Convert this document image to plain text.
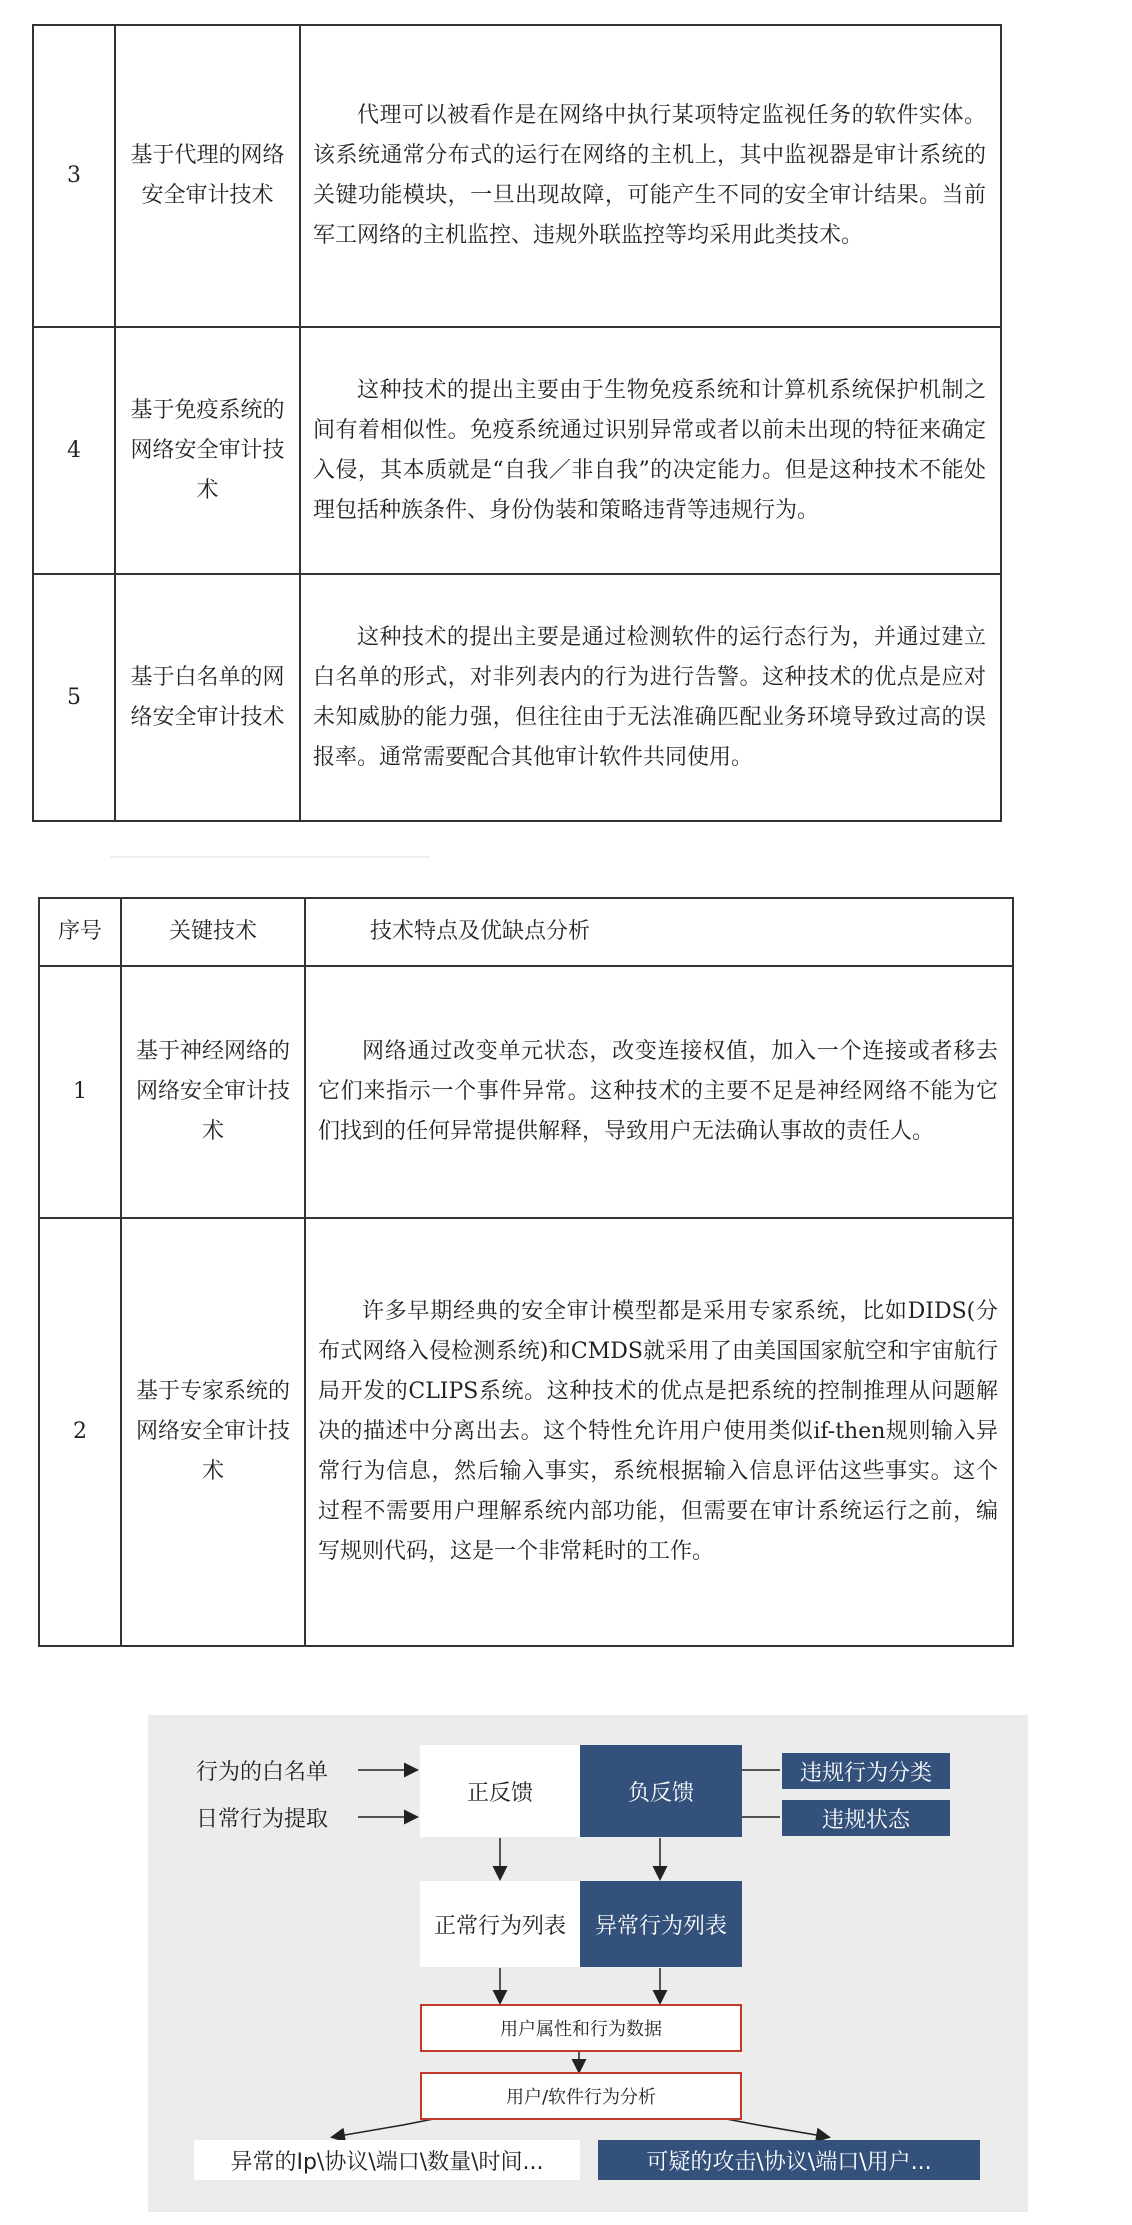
3	基于代理的网络安全审计技术	代理可以被看作是在网络中执行某项特定监视任务的软件实体。该系统通常分布式的运行在网络的主机上，其中监视器是审计系统的关键功能模块，一旦出现故障，可能产生不同的安全审计结果。当前军工网络的主机监控、违规外联监控等均采用此类技术。

4	基于免疫系统的网络安全审计技术	这种技术的提出主要由于生物免疫系统和计算机系统保护机制之间有着相似性。免疫系统通过识别异常或者以前未出现的特征来确定入侵，其本质就是“自我／非自我”的决定能力。但是这种技术不能处理包括种族条件、身份伪装和策略违背等违规行为。

5	基于白名单的网络安全审计技术	这种技术的提出主要是通过检测软件的运行态行为，并通过建立白名单的形式，对非列表内的行为进行告警。这种技术的优点是应对未知威胁的能力强，但往往由于无法准确匹配业务环境导致过高的误报率。通常需要配合其他审计软件共同使用。

序号	关键技术	技术特点及优缺点分析
1	基于神经网络的网络安全审计技术	网络通过改变单元状态，改变连接权值，加入一个连接或者移去它们来指示一个事件异常。这种技术的主要不足是神经网络不能为它们找到的任何异常提供解释，导致用户无法确认事故的责任人。

2	基于专家系统的网络安全审计技术	许多早期经典的安全审计模型都是采用专家系统，比如DIDS(分布式网络入侵检测系统)和CMDS就采用了由美国国家航空和宇宙航行局开发的CLIPS系统。这种技术的优点是把系统的控制推理从问题解决的描述中分离出去。这个特性允许用户使用类似if-then规则输入异常行为信息，然后输入事实，系统根据输入信息评估这些事实。这个过程不需要用户理解系统内部功能，但需要在审计系统运行之前，编写规则代码，这是一个非常耗时的工作。

行为的白名单
日常行为提取
正反馈	负反馈
违规行为分类
违规状态
正常行为列表	异常行为列表
用户属性和行为数据
用户/软件行为分析
异常的Ip\协议\端口\数量\时间...	可疑的攻击\协议\端口\用户...
